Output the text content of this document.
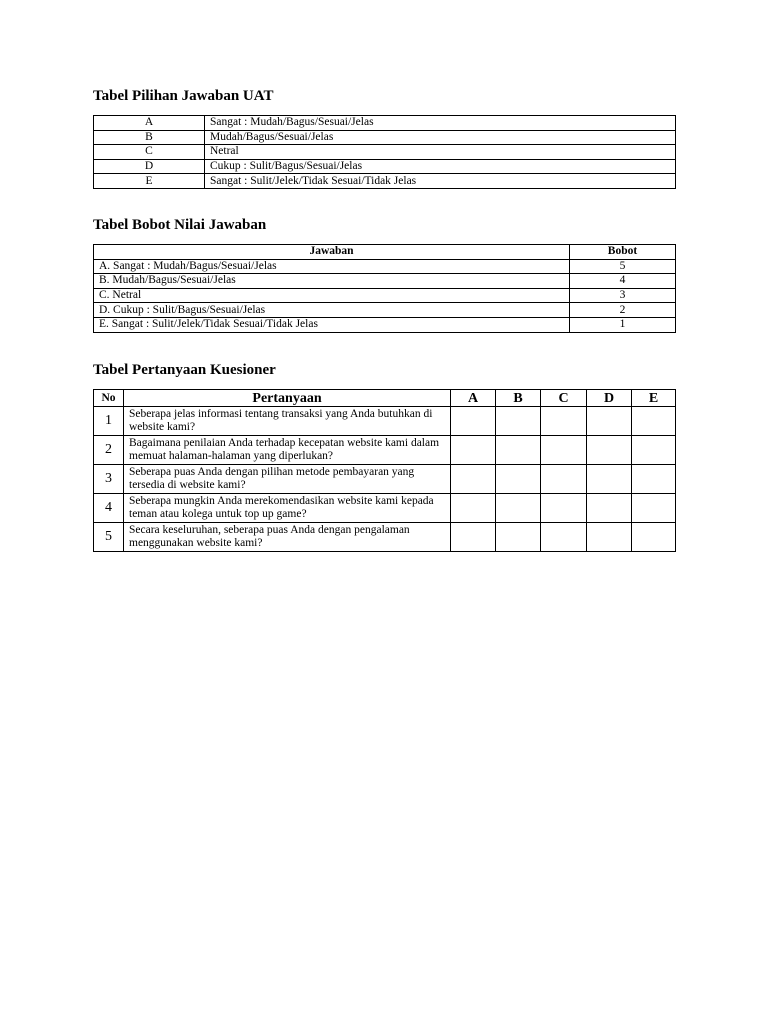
Tabel Pilihan Jawaban UAT
A	Sangat : Mudah/Bagus/Sesuai/Jelas
B	Mudah/Bagus/Sesuai/Jelas
C	Netral
D	Cukup : Sulit/Bagus/Sesuai/Jelas
E	Sangat : Sulit/Jelek/Tidak Sesuai/Tidak Jelas
Tabel Bobot Nilai Jawaban
Jawaban	Bobot
A. Sangat : Mudah/Bagus/Sesuai/Jelas	5
B. Mudah/Bagus/Sesuai/Jelas	4
C. Netral	3
D. Cukup : Sulit/Bagus/Sesuai/Jelas	2
E. Sangat : Sulit/Jelek/Tidak Sesuai/Tidak Jelas	1
Tabel Pertanyaan Kuesioner
No	Pertanyaan	A	B	C	D	E
1	Seberapa jelas informasi tentang transaksi yang Anda butuhkan di website kami?					
2	Bagaimana penilaian Anda terhadap kecepatan website kami dalam memuat halaman-halaman yang diperlukan?					
3	Seberapa puas Anda dengan pilihan metode pembayaran yang tersedia di website kami?					
4	Seberapa mungkin Anda merekomendasikan website kami kepada teman atau kolega untuk top up game?					
5	Secara keseluruhan, seberapa puas Anda dengan pengalaman menggunakan website kami?					
